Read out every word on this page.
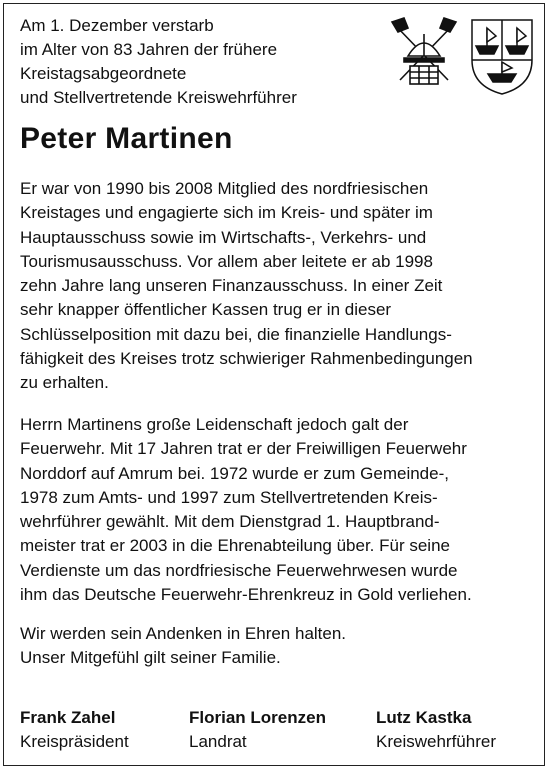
Am 1. Dezember verstarb
im Alter von 83 Jahren der frühere
Kreistagsabgeordnete
und Stellvertretende Kreiswehrführer
Peter Martinen
Er war von 1990 bis 2008 Mitglied des nordfriesischen
Kreistages und engagierte sich im Kreis- und später im
Hauptausschuss sowie im Wirtschafts-, Verkehrs- und
Tourismusausschuss. Vor allem aber leitete er ab 1998
zehn Jahre lang unseren Finanzausschuss. In einer Zeit
sehr knapper öffentlicher Kassen trug er in dieser
Schlüsselposition mit dazu bei, die finanzielle Handlungs-
fähigkeit des Kreises trotz schwieriger Rahmenbedingungen
zu erhalten.
Herrn Martinens große Leidenschaft jedoch galt der
Feuerwehr. Mit 17 Jahren trat er der Freiwilligen Feuerwehr
Norddorf auf Amrum bei. 1972 wurde er zum Gemeinde-,
1978 zum Amts- und 1997 zum Stellvertretenden Kreis-
wehrführer gewählt. Mit dem Dienstgrad 1. Hauptbrand-
meister trat er 2003 in die Ehrenabteilung über. Für seine
Verdienste um das nordfriesische Feuerwehrwesen wurde
ihm das Deutsche Feuerwehr-Ehrenkreuz in Gold verliehen.
Wir werden sein Andenken in Ehren halten.
Unser Mitgefühl gilt seiner Familie.
Frank Zahel
Kreispräsident
Florian Lorenzen
Landrat
Lutz Kastka
Kreiswehrführer
